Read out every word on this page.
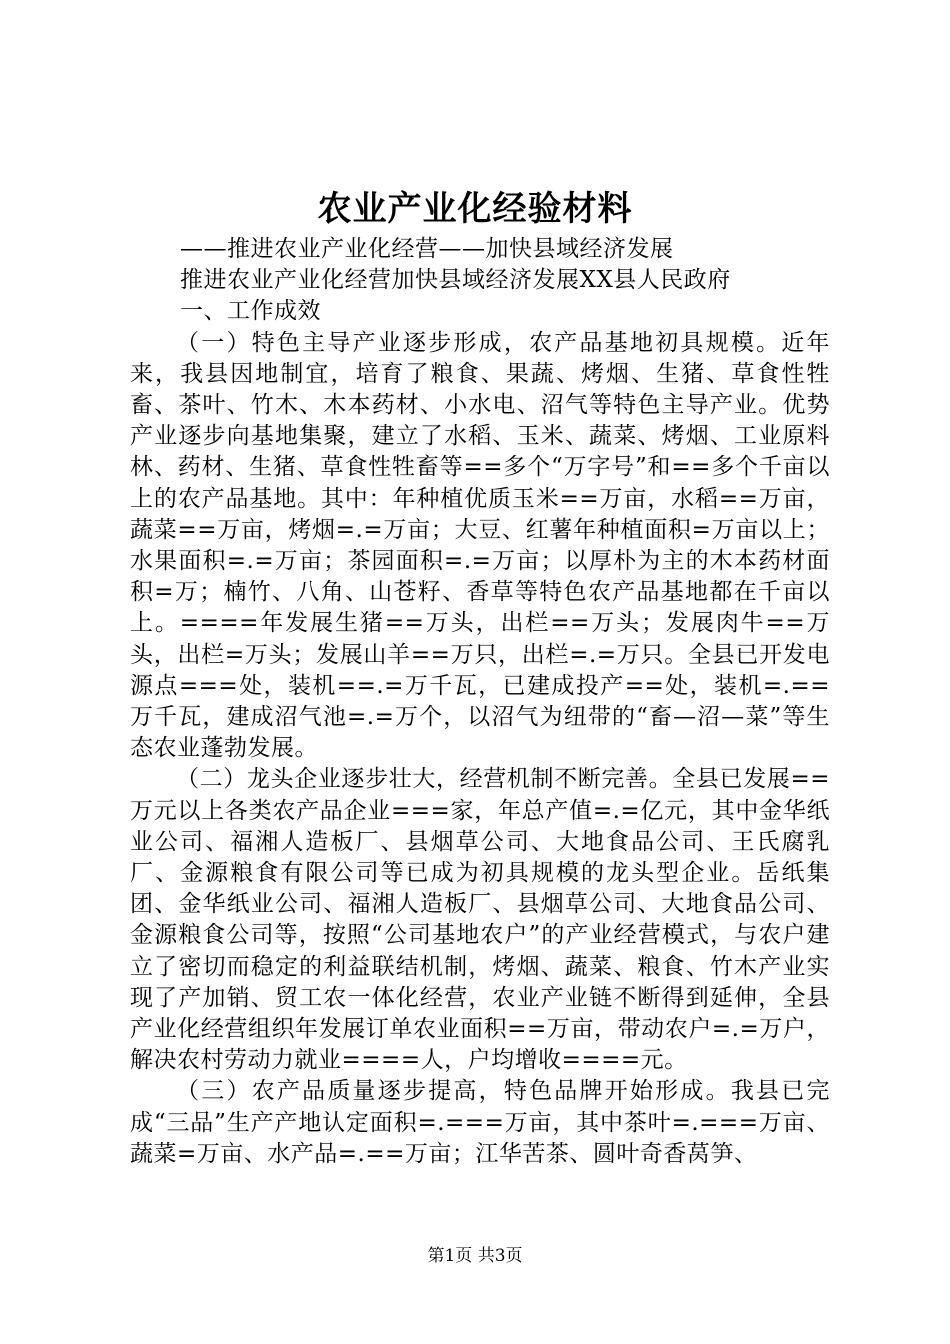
农业产业化经验材料

——推进农业产业化经营——加快县域经济发展

推进农业产业化经营加快县域经济发展XX县人民政府

一、工作成效

（一）特色主导产业逐步形成，农产品基地初具规模。近年来，我县因地制宜，培育了粮食、果蔬、烤烟、生猪、草食性牲畜、茶叶、竹木、木本药材、小水电、沼气等特色主导产业。优势产业逐步向基地集聚，建立了水稻、玉米、蔬菜、烤烟、工业原料林、药材、生猪、草食性牲畜等==多个“万字号”和==多个千亩以上的农产品基地。其中：年种植优质玉米==万亩，水稻==万亩，蔬菜==万亩，烤烟=.=万亩；大豆、红薯年种植面积=万亩以上；水果面积=.=万亩；茶园面积=.=万亩；以厚朴为主的木本药材面积=万；楠竹、八角、山苍籽、香草等特色农产品基地都在千亩以上。====年发展生猪==万头，出栏==万头；发展肉牛==万头，出栏=万头；发展山羊==万只，出栏=.=万只。全县已开发电源点===处，装机==.=万千瓦，已建成投产==处，装机=.==万千瓦，建成沼气池=.=万个，以沼气为纽带的“畜—沼—菜”等生态农业蓬勃发展。

（二）龙头企业逐步壮大，经营机制不断完善。全县已发展==万元以上各类农产品企业===家，年总产值=.=亿元，其中金华纸业公司、福湘人造板厂、县烟草公司、大地食品公司、王氏腐乳厂、金源粮食有限公司等已成为初具规模的龙头型企业。岳纸集团、金华纸业公司、福湘人造板厂、县烟草公司、大地食品公司、金源粮食公司等，按照“公司基地农户”的产业经营模式，与农户建立了密切而稳定的利益联结机制，烤烟、蔬菜、粮食、竹木产业实现了产加销、贸工农一体化经营，农业产业链不断得到延伸，全县产业化经营组织年发展订单农业面积==万亩，带动农户=.=万户，解决农村劳动力就业====人，户均增收====元。

（三）农产品质量逐步提高，特色品牌开始形成。我县已完成“三品”生产产地认定面积=.===万亩，其中茶叶=.===万亩、蔬菜=万亩、水产品=.==万亩；江华苦茶、圆叶奇香莴笋、

第1页 共3页
